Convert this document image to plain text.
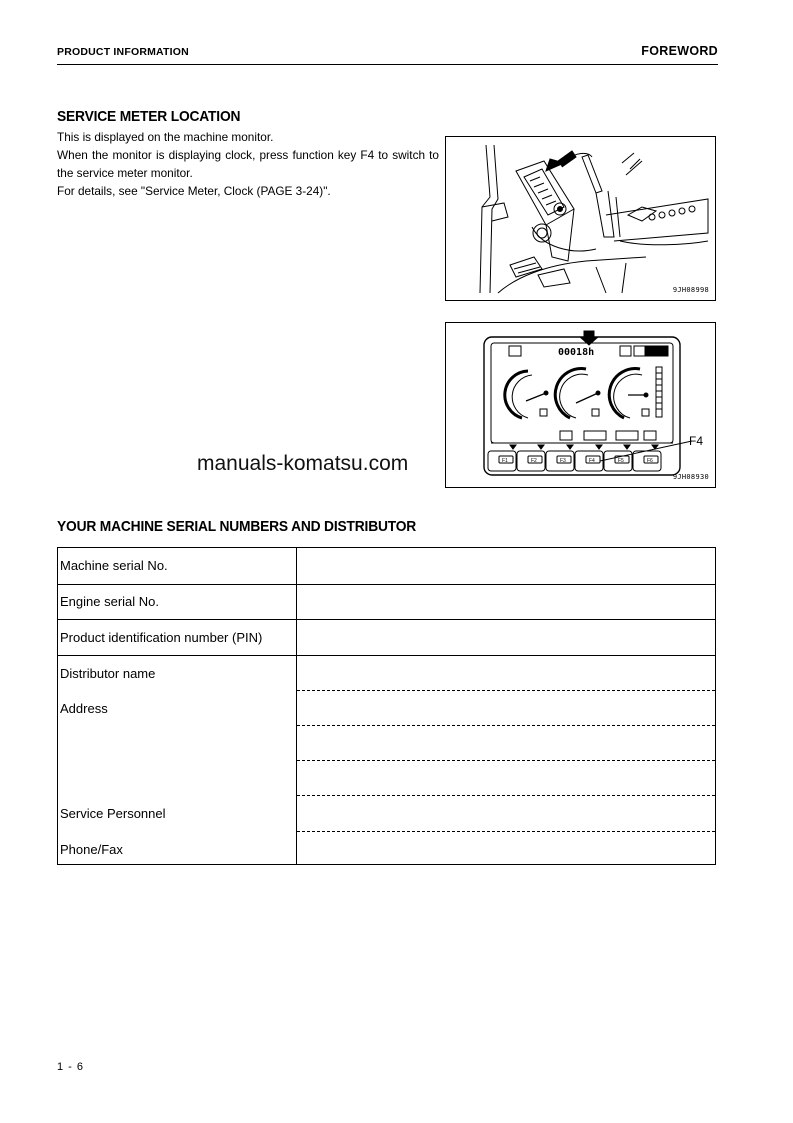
PRODUCT INFORMATION	FOREWORD
SERVICE METER LOCATION

This is displayed on the machine monitor.

When the monitor is displaying clock, press function key F4 to switch to the service meter monitor.

For details, see "Service Meter, Clock (PAGE 3-24)".

9JH08998
00018h
F1	F2	F3	F4	F5	F6
9JH08930
F4
manuals-komatsu.com
YOUR MACHINE SERIAL NUMBERS AND DISTRIBUTOR
Machine serial No.
Engine serial No.
Product identification number (PIN)
Distributor name
Address
Service Personnel
Phone/Fax
1 - 6
